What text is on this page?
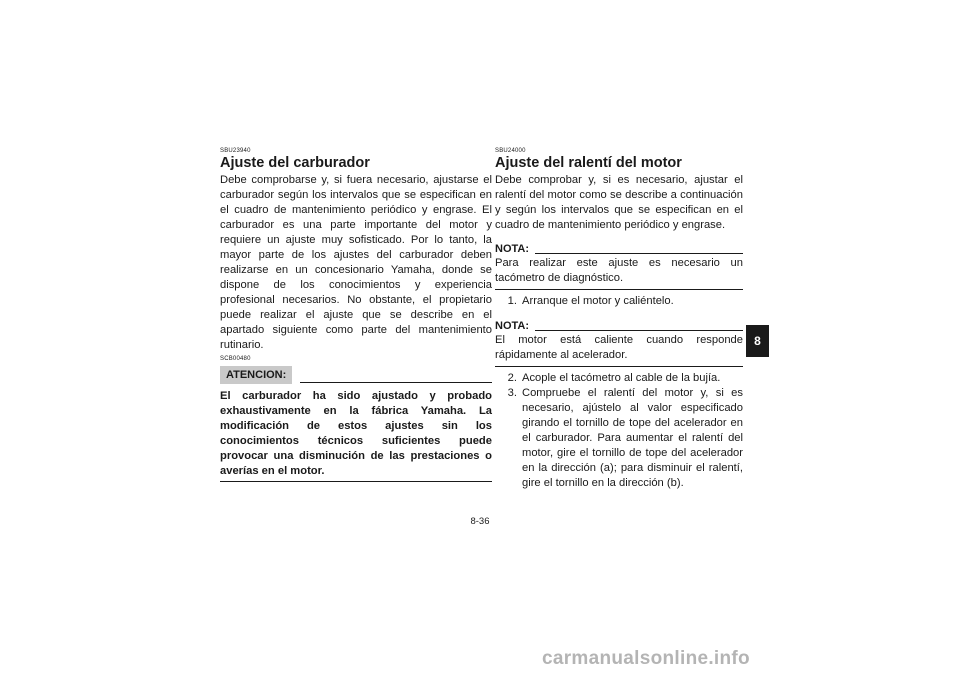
SBU23940
Ajuste del carburador

Debe comprobarse y, si fuera necesario, ajustarse el carburador según los intervalos que se especifican en el cuadro de mantenimiento periódico y engrase. El carburador es una parte importante del motor y requiere un ajuste muy sofisticado. Por lo tanto, la mayor parte de los ajustes del carburador deben realizarse en un concesionario Yamaha, donde se dispone de los conocimientos y experiencia profesional necesarios. No obstante, el propietario puede realizar el ajuste que se describe en el apartado siguiente como parte del mantenimiento rutinario.

SCB00480
ATENCION:

El carburador ha sido ajustado y probado exhaustivamente en la fábrica Yamaha. La modificación de estos ajustes sin los conocimientos técnicos suficientes puede provocar una disminución de las prestaciones o averías en el motor.

SBU24000
Ajuste del ralentí del motor

Debe comprobar y, si es necesario, ajustar el ralentí del motor como se describe a continuación y según los intervalos que se especifican en el cuadro de mantenimiento periódico y engrase.

NOTA:

Para realizar este ajuste es necesario un tacómetro de diagnóstico.

1. Arranque el motor y caliéntelo.
NOTA:

El motor está caliente cuando responde rápidamente al acelerador.

2. Acople el tacómetro al cable de la bujía.
3. Compruebe el ralentí del motor y, si es necesario, ajústelo al valor especificado girando el tornillo de tope del acelerador en el carburador. Para aumentar el ralentí del motor, gire el tornillo de tope del acelerador en la dirección (a); para disminuir el ralentí, gire el tornillo en la dirección (b).
8
8-36
carmanualsonline.info
